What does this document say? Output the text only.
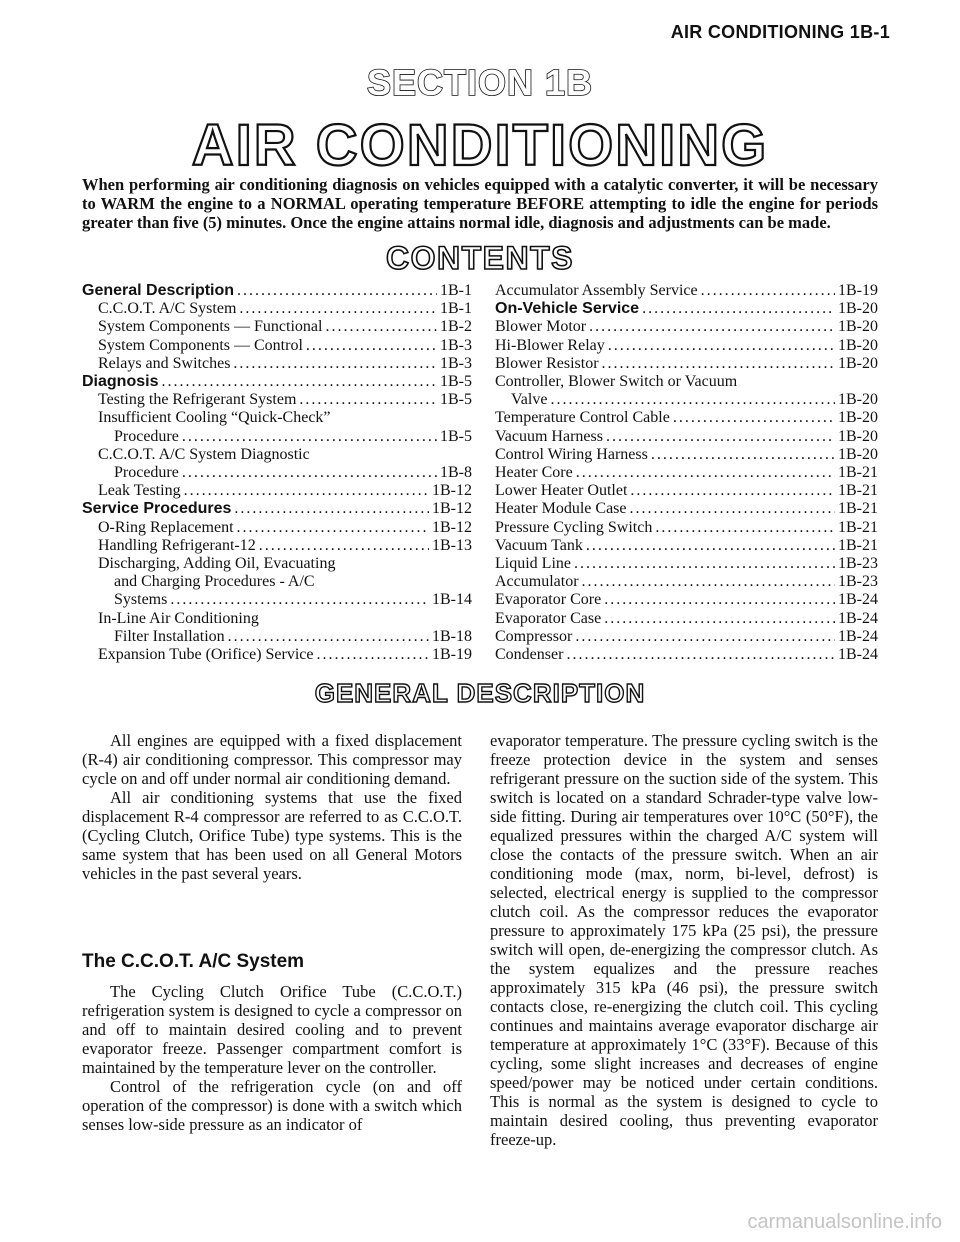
AIR CONDITIONING 1B-1
SECTION 1B
AIR CONDITIONING
When performing air conditioning diagnosis on vehicles equipped with a catalytic converter, it will be necessary to WARM the engine to a NORMAL operating temperature BEFORE attempting to idle the engine for periods greater than five (5) minutes. Once the engine attains normal idle, diagnosis and adjustments can be made.
CONTENTS
General Description .....	1B-1
C.C.O.T. A/C System .....	1B-1
System Components — Functional .....	1B-2
System Components — Control .....	1B-3
Relays and Switches .....	1B-3
Diagnosis .....	1B-5
Testing the Refrigerant System .....	1B-5
Insufficient Cooling “Quick-Check”
Procedure .....	1B-5
C.C.O.T. A/C System Diagnostic
Procedure .....	1B-8
Leak Testing .....	1B-12
Service Procedures .....	1B-12
O-Ring Replacement .....	1B-12
Handling Refrigerant-12 .....	1B-13
Discharging, Adding Oil, Evacuating
and Charging Procedures - A/C
Systems .....	1B-14
In-Line Air Conditioning
Filter Installation .....	1B-18
Expansion Tube (Orifice) Service .....	1B-19
Accumulator Assembly Service .....	1B-19
On-Vehicle Service .....	1B-20
Blower Motor .....	1B-20
Hi-Blower Relay .....	1B-20
Blower Resistor .....	1B-20
Controller, Blower Switch or Vacuum
Valve .....	1B-20
Temperature Control Cable .....	1B-20
Vacuum Harness .....	1B-20
Control Wiring Harness .....	1B-20
Heater Core .....	1B-21
Lower Heater Outlet .....	1B-21
Heater Module Case .....	1B-21
Pressure Cycling Switch .....	1B-21
Vacuum Tank .....	1B-21
Liquid Line .....	1B-23
Accumulator .....	1B-23
Evaporator Core .....	1B-24
Evaporator Case .....	1B-24
Compressor .....	1B-24
Condenser .....	1B-24
GENERAL DESCRIPTION

All engines are equipped with a fixed displacement (R-4) air conditioning compressor. This compressor may cycle on and off under normal air conditioning demand.

All air conditioning systems that use the fixed displacement R-4 compressor are referred to as C.C.O.T. (Cycling Clutch, Orifice Tube) type systems. This is the same system that has been used on all General Motors vehicles in the past several years.

The C.C.O.T. A/C System

The Cycling Clutch Orifice Tube (C.C.O.T.) refrigeration system is designed to cycle a compressor on and off to maintain desired cooling and to prevent evaporator freeze. Passenger compartment comfort is maintained by the temperature lever on the controller.

Control of the refrigeration cycle (on and off operation of the compressor) is done with a switch which senses low-side pressure as an indicator of

evaporator temperature. The pressure cycling switch is the freeze protection device in the system and senses refrigerant pressure on the suction side of the system. This switch is located on a standard Schrader-type valve low-side fitting. During air temperatures over 10°C (50°F), the equalized pressures within the charged A/C system will close the contacts of the pressure switch. When an air conditioning mode (max, norm, bi-level, defrost) is selected, electrical energy is supplied to the compressor clutch coil. As the compressor reduces the evaporator pressure to approximately 175 kPa (25 psi), the pressure switch will open, de-energizing the compressor clutch. As the system equalizes and the pressure reaches approximately 315 kPa (46 psi), the pressure switch contacts close, re-energizing the clutch coil. This cycling continues and maintains average evaporator discharge air temperature at approximately 1°C (33°F). Because of this cycling, some slight increases and decreases of engine speed/power may be noticed under certain conditions. This is normal as the system is designed to cycle to maintain desired cooling, thus preventing evaporator freeze-up.

carmanualsonline.info
